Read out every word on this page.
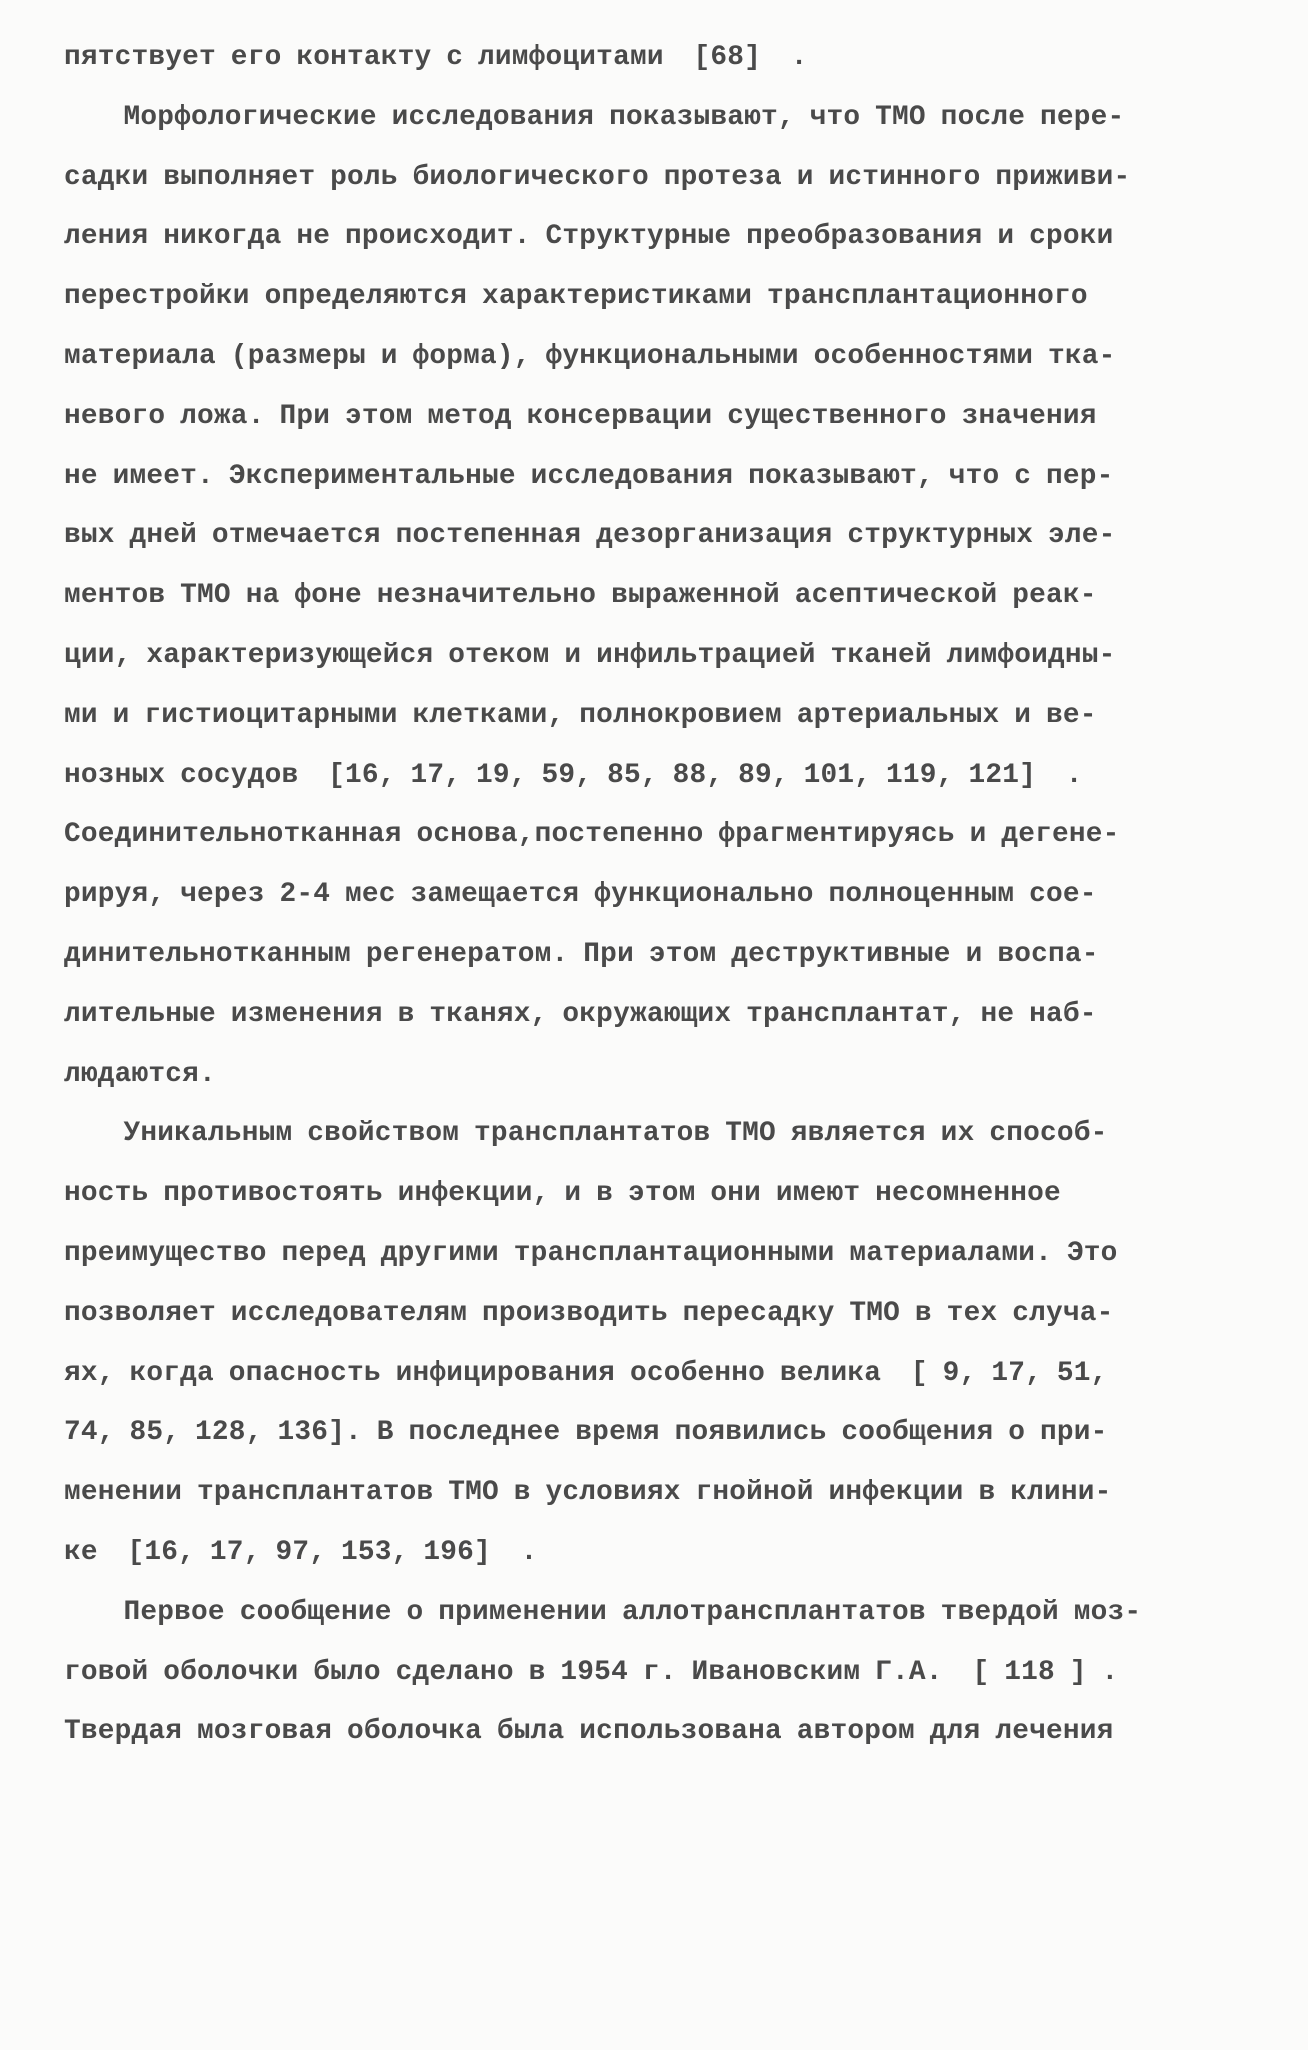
пятствует его контакту с лимфоцитами  [68]  .
Морфологические исследования показывают, что ТМО после пере-
садки выполняет роль биологического протеза и истинного приживи-
ления никогда не происходит. Структурные преобразования и сроки
перестройки определяются характеристиками трансплантационного
материала (размеры и форма), функциональными особенностями тка-
невого ложа. При этом метод консервации существенного значения
не имеет. Экспериментальные исследования показывают, что с пер-
вых дней отмечается постепенная дезорганизация структурных эле-
ментов ТМО на фоне незначительно выраженной асептической реак-
ции, характеризующейся отеком и инфильтрацией тканей лимфоидны-
ми и гистиоцитарными клетками, полнокровием артериальных и ве-
нозных сосудов  [16, 17, 19, 59, 85, 88, 89, 101, 119, 121]  .
Соединительнотканная основа,постепенно фрагментируясь и дегене-
рируя, через 2-4 мес замещается функционально полноценным сое-
динительнотканным регенератом. При этом деструктивные и воспа-
лительные изменения в тканях, окружающих трансплантат, не наб-
людаются.
Уникальным свойством трансплантатов ТМО является их способ-
ность противостоять инфекции, и в этом они имеют несомненное
преимущество перед другими трансплантационными материалами. Это
позволяет исследователям производить пересадку ТМО в тех случа-
ях, когда опасность инфицирования особенно велика  [ 9, 17, 51,
74, 85, 128, 136]. В последнее время появились сообщения о при-
менении трансплантатов ТМО в условиях гнойной инфекции в клини-
ке  [16, 17, 97, 153, 196]  .
Первое сообщение о применении аллотрансплантатов твердой моз-
говой оболочки было сделано в 1954 г. Ивановским Г.А.  [ 118 ] .
Твердая мозговая оболочка была использована автором для лечения
